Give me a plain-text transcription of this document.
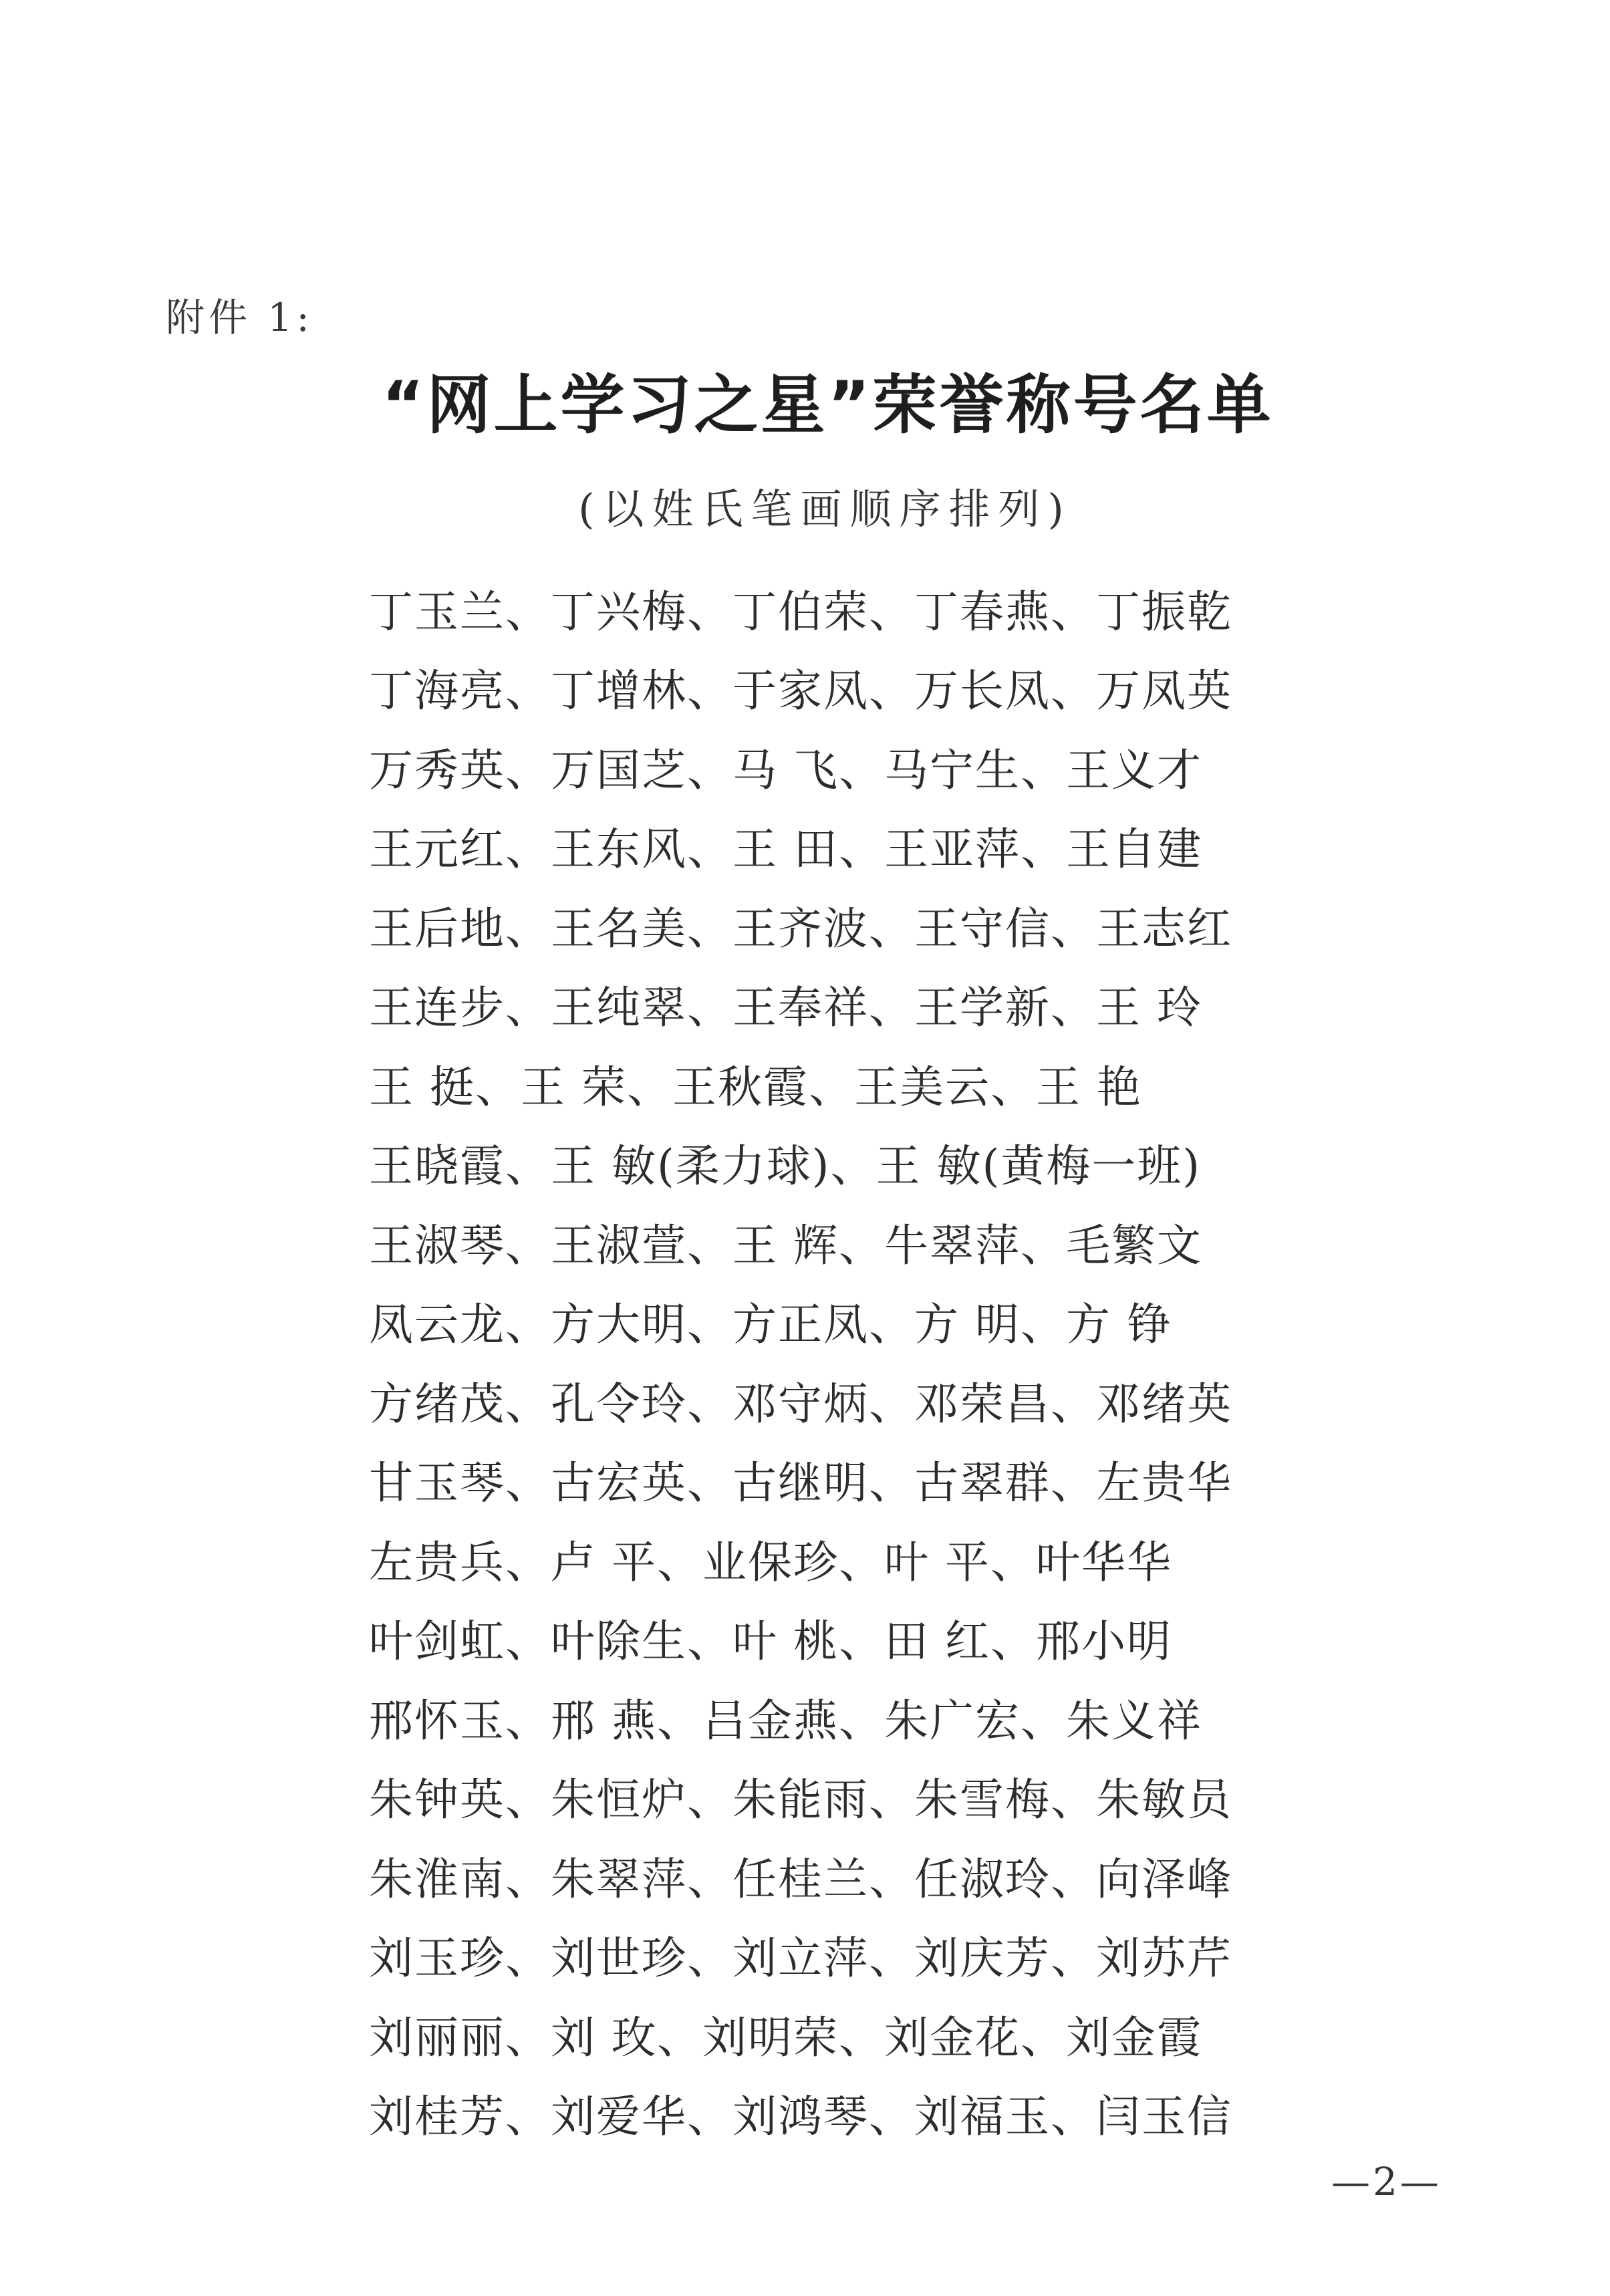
附件 1:
“网上学习之星”荣誉称号名单
(以姓氏笔画顺序排列)
丁玉兰、丁兴梅、丁伯荣、丁春燕、丁振乾
丁海亮、丁增林、于家凤、万长凤、万凤英
万秀英、万国芝、马 飞、马宁生、王义才
王元红、王东风、王 田、王亚萍、王自建
王后地、王名美、王齐波、王守信、王志红
王连步、王纯翠、王奉祥、王学新、王 玲
王 挺、王 荣、王秋霞、王美云、王 艳
王晓霞、王 敏(柔力球)、王 敏(黄梅一班)
王淑琴、王淑萱、王 辉、牛翠萍、毛繁文
凤云龙、方大明、方正凤、方 明、方 铮
方绪茂、孔令玲、邓守炳、邓荣昌、邓绪英
甘玉琴、古宏英、古继明、古翠群、左贵华
左贵兵、卢 平、业保珍、叶 平、叶华华
叶剑虹、叶除生、叶 桃、田 红、邢小明
邢怀玉、邢 燕、吕金燕、朱广宏、朱义祥
朱钟英、朱恒炉、朱能雨、朱雪梅、朱敏员
朱淮南、朱翠萍、任桂兰、任淑玲、向泽峰
刘玉珍、刘世珍、刘立萍、刘庆芳、刘苏芹
刘丽丽、刘 玫、刘明荣、刘金花、刘金霞
刘桂芳、刘爱华、刘鸿琴、刘福玉、闫玉信
—2—
